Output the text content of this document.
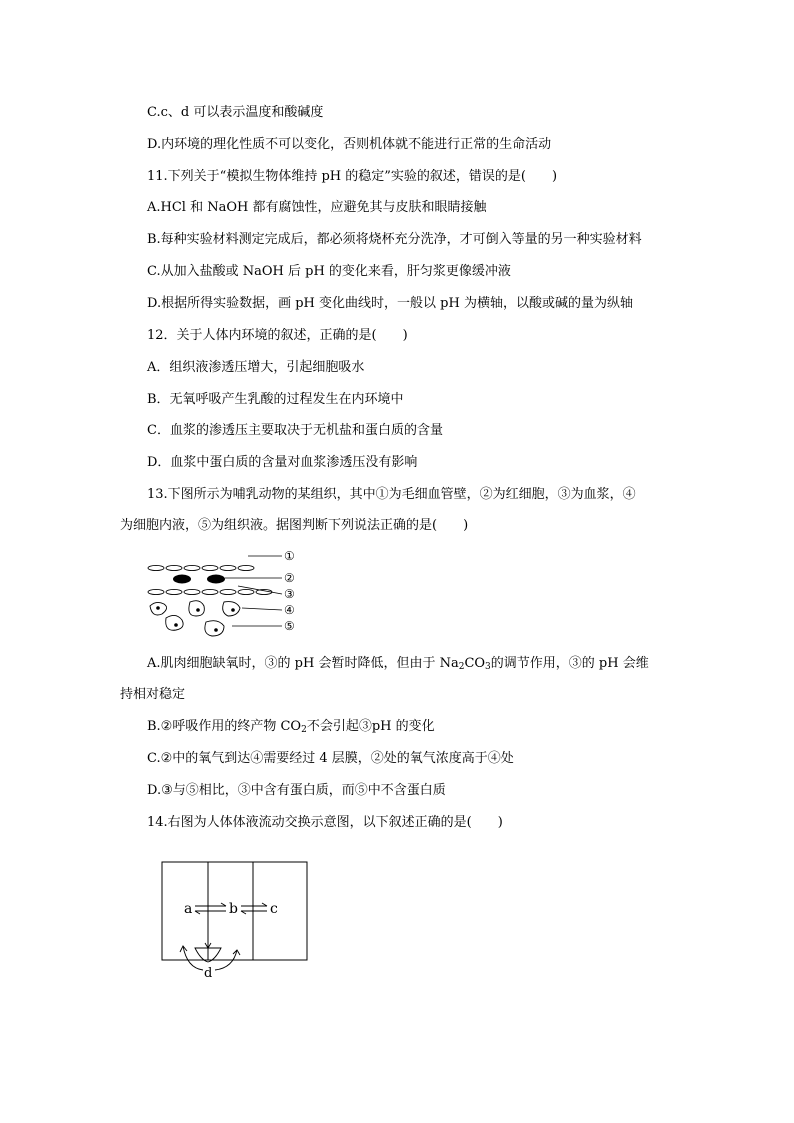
C.c、d 可以表示温度和酸碱度
D.内环境的理化性质不可以变化，否则机体就不能进行正常的生命活动
11.下列关于“模拟生物体维持 pH 的稳定”实验的叙述，错误的是(　　)
A.HCl 和 NaOH 都有腐蚀性，应避免其与皮肤和眼睛接触
B.每种实验材料测定完成后，都必须将烧杯充分洗净，才可倒入等量的另一种实验材料
C.从加入盐酸或 NaOH 后 pH 的变化来看，肝匀浆更像缓冲液
D.根据所得实验数据，画 pH 变化曲线时，一般以 pH 为横轴，以酸或碱的量为纵轴
12．关于人体内环境的叙述，正确的是(　　)
A．组织液渗透压增大，引起细胞吸水
B．无氧呼吸产生乳酸的过程发生在内环境中
C．血浆的渗透压主要取决于无机盐和蛋白质的含量
D．血浆中蛋白质的含量对血浆渗透压没有影响
13.下图所示为哺乳动物的某组织，其中①为毛细血管壁，②为红细胞，③为血浆，④
为细胞内液，⑤为组织液。据图判断下列说法正确的是(　　)
①
②
③
④
⑤
A.肌肉细胞缺氧时，③的 pH 会暂时降低，但由于 $Na_2CO_3$的调节作用，③的 pH 会维
持相对稳定
B.②呼吸作用的终产物 $CO_2$不会引起③pH 的变化
C.②中的氧气到达④需要经过 4 层膜，②处的氧气浓度高于④处
D.③与⑤相比，③中含有蛋白质，而⑤中不含蛋白质
14.右图为人体体液流动交换示意图，以下叙述正确的是(　　)
a	b c
d
